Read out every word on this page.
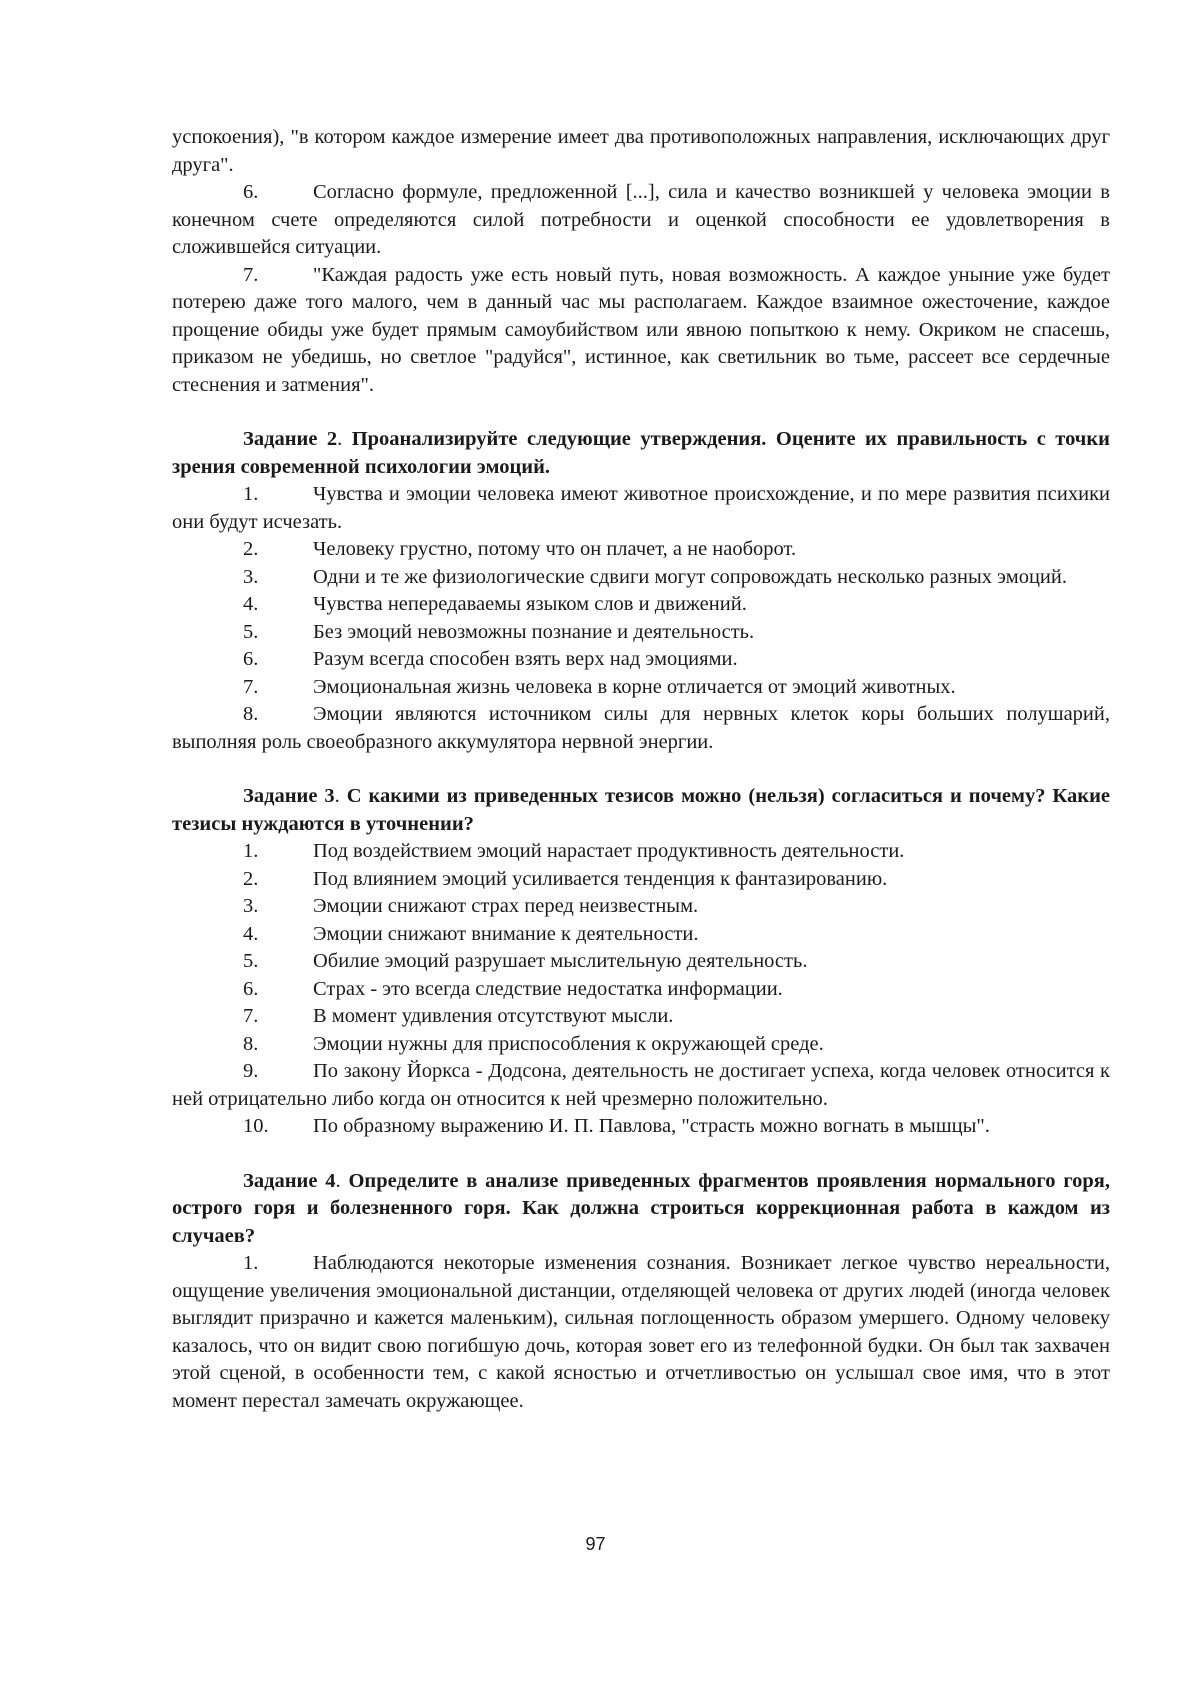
успокоения), "в котором каждое измерение имеет два противоположных направления, исключающих друг друга".

6.	Согласно формуле, предложенной [...], сила и качество возникшей у человека эмоции в конечном счете определяются силой потребности и оценкой способности ее удовлетворения в сложившейся ситуации.

7.	"Каждая радость уже есть новый путь, новая возможность. А каждое уныние уже будет потерею даже того малого, чем в данный час мы располагаем. Каждое взаимное ожесточение, каждое прощение обиды уже будет прямым самоубийством или явною попыткою к нему. Окриком не спасешь, приказом не убедишь, но светлое "радуйся", истинное, как светильник во тьме, рассеет все сердечные стеснения и затмения".

Задание 2. Проанализируйте следующие утверждения. Оцените их правильность с точки зрения современной психологии эмоций.

1.	Чувства и эмоции человека имеют животное происхождение, и по мере развития психики они будут исчезать.

2.	Человеку грустно, потому что он плачет, а не наоборот.

3.	Одни и те же физиологические сдвиги могут сопровождать несколько разных эмоций.

4.	Чувства непередаваемы языком слов и движений.

5.	Без эмоций невозможны познание и деятельность.

6.	Разум всегда способен взять верх над эмоциями.

7.	Эмоциональная жизнь человека в корне отличается от эмоций животных.

8.	Эмоции являются источником силы для нервных клеток коры больших полушарий, выполняя роль своеобразного аккумулятора нервной энергии.

Задание 3. С какими из приведенных тезисов можно (нельзя) согласиться и почему? Какие тезисы нуждаются в уточнении?

1.	Под воздействием эмоций нарастает продуктивность деятельности.

2.	Под влиянием эмоций усиливается тенденция к фантазированию.

3.	Эмоции снижают страх перед неизвестным.

4.	Эмоции снижают внимание к деятельности.

5.	Обилие эмоций разрушает мыслительную деятельность.

6.	Страх - это всегда следствие недостатка информации.

7.	В момент удивления отсутствуют мысли.

8.	Эмоции нужны для приспособления к окружающей среде.

9.	По закону Йоркса - Додсона, деятельность не достигает успеха, когда человек относится к ней отрицательно либо когда он относится к ней чрезмерно положительно.

10. По образному выражению И. П. Павлова, "страсть можно вогнать в мышцы".

Задание 4. Определите в анализе приведенных фрагментов проявления нормального горя, острого горя и болезненного горя. Как должна строиться коррекционная работа в каждом из случаев?

1.	Наблюдаются некоторые изменения сознания. Возникает легкое чувство нереальности, ощущение увеличения эмоциональной дистанции, отделяющей человека от других людей (иногда человек выглядит призрачно и кажется маленьким), сильная поглощенность образом умершего. Одному человеку казалось, что он видит свою погибшую дочь, которая зовет его из телефонной будки. Он был так захвачен этой сценой, в особенности тем, с какой ясностью и отчетливостью он услышал свое имя, что в этот момент перестал замечать окружающее.

97
